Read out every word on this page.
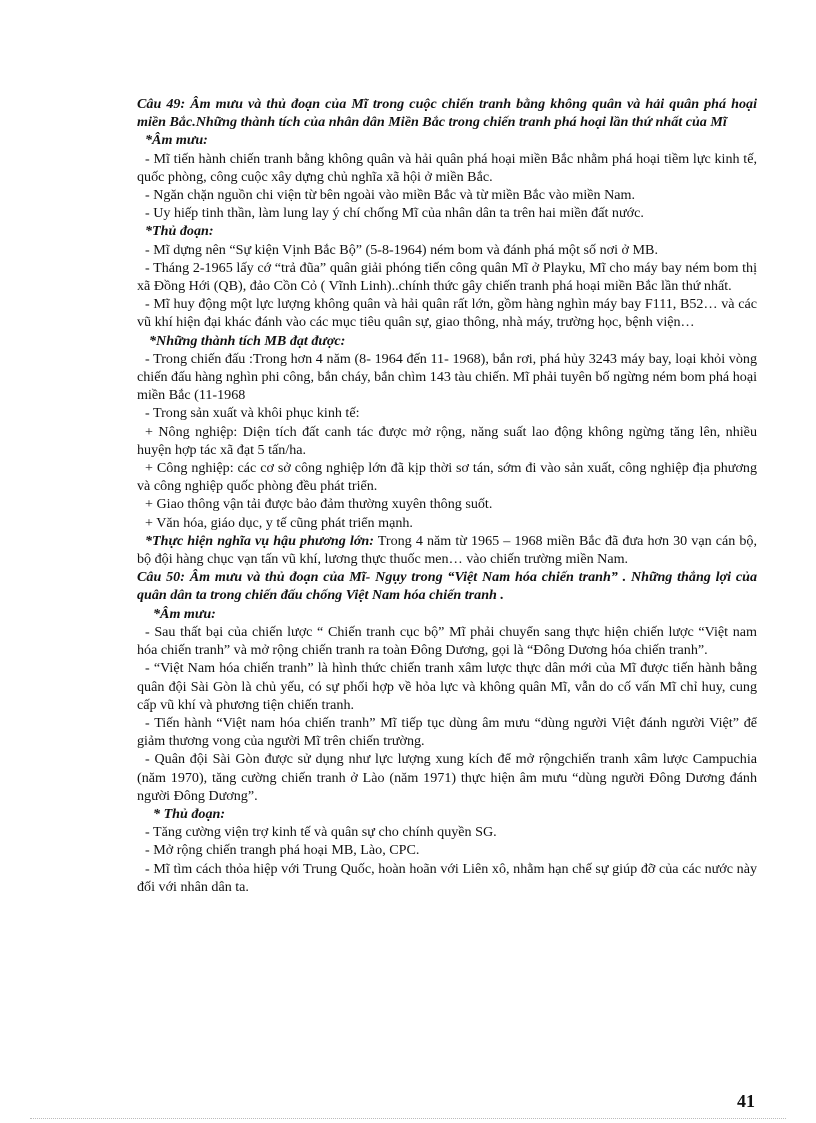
Câu 49: Âm mưu và thủ đoạn của Mĩ trong cuộc chiến tranh bằng không quân và hải quân phá hoại miền Bắc.Những thành tích của nhân dân Miền Bắc trong chiến tranh phá hoại lần thứ nhất của Mĩ

*Âm mưu:

- Mĩ tiến hành chiến tranh bằng không quân và hải quân phá hoại miền Bắc nhằm phá hoại tiềm lực kinh tế, quốc phòng, công cuộc xây dựng chủ nghĩa xã hội ở miền Bắc.

- Ngăn chặn nguồn chi viện từ bên ngoài vào miền Bắc và từ miền Bắc vào miền Nam.

- Uy hiếp tinh thần, làm lung lay ý chí chống Mĩ của nhân dân ta trên hai miền đất nước.

*Thủ đoạn:

- Mĩ dựng nên “Sự kiện Vịnh Bắc Bộ” (5-8-1964) ném bom và đánh phá một số nơi ở MB.

- Tháng 2-1965 lấy cớ “trả đũa” quân giải phóng tiến công quân Mĩ ở Playku, Mĩ cho máy bay ném bom thị xã Đồng Hới (QB), đảo Cồn Cỏ ( Vĩnh Linh)..chính thức gây chiến tranh phá hoại miền Bắc lần thứ nhất.

- Mĩ huy động một lực lượng không quân và hải quân rất lớn, gồm hàng nghìn máy bay F111, B52… và các vũ khí hiện đại khác đánh vào các mục tiêu quân sự, giao thông, nhà máy, trường học, bệnh viện…

*Những thành tích MB đạt được:

- Trong chiến đấu :Trong hơn 4 năm (8- 1964 đến 11- 1968), bắn rơi, phá hủy 3243 máy bay, loại khỏi vòng chiến đấu hàng nghìn phi công, bắn cháy, bắn chìm 143 tàu chiến. Mĩ phải tuyên bố ngừng ném bom phá hoại miền Bắc (11-1968

- Trong sản xuất và khôi phục kinh tế:

+ Nông nghiệp: Diện tích đất canh tác được mở rộng, năng suất lao động không ngừng tăng lên, nhiều huyện hợp tác xã đạt 5 tấn/ha.

+ Công nghiệp: các cơ sở công nghiệp lớn đã kịp thời sơ tán, sớm đi vào sản xuất, công nghiệp địa phương và công nghiệp quốc phòng đều phát triển.

+ Giao thông vận tải được bảo đảm thường xuyên thông suốt.

+ Văn hóa, giáo dục, y tế cũng phát triển mạnh.

*Thực hiện nghĩa vụ hậu phương lớn: Trong 4 năm từ 1965 – 1968 miền Bắc đã đưa hơn 30 vạn cán bộ, bộ đội hàng chục vạn tấn vũ khí, lương thực thuốc men… vào chiến trường miền Nam.

Câu 50: Âm mưu và thủ đoạn của Mĩ- Ngụy trong “Việt Nam hóa chiến tranh” . Những thắng lợi của quân dân ta trong chiến đấu chống Việt Nam hóa chiến tranh .

*Âm mưu:

- Sau thất bại của chiến lược “ Chiến tranh cục bộ” Mĩ phải chuyển sang thực hiện chiến lược “Việt nam hóa chiến tranh” và mở rộng chiến tranh ra toàn Đông Dương, gọi là “Đông Dương hóa chiến tranh”.

- “Việt Nam hóa chiến tranh” là hình thức chiến tranh xâm lược thực dân mới của Mĩ được tiến hành bằng quân đội Sài Gòn là chủ yếu, có sự phối hợp về hỏa lực và không quân Mĩ, vẫn do cố vấn Mĩ chỉ huy, cung cấp vũ khí và phương tiện chiến tranh.

- Tiến hành “Việt nam hóa chiến tranh” Mĩ tiếp tục dùng âm mưu “dùng người Việt đánh người Việt” để giảm thương vong của người Mĩ trên chiến trường.

- Quân đội Sài Gòn được sử dụng như lực lượng xung kích để mở rộngchiến tranh xâm lược Campuchia (năm 1970), tăng cường chiến tranh ở Lào (năm 1971) thực hiện âm mưu “dùng người Đông Dương đánh người Đông Dương”.

* Thủ đoạn:

- Tăng cường viện trợ kinh tế và quân sự cho chính quyền SG.

- Mở rộng chiến trangh phá hoại MB, Lào, CPC.

- Mĩ tìm cách thỏa hiệp với Trung Quốc, hoàn hoãn với Liên xô, nhằm hạn chế sự giúp đỡ của các nước này đối với nhân dân ta.

41
